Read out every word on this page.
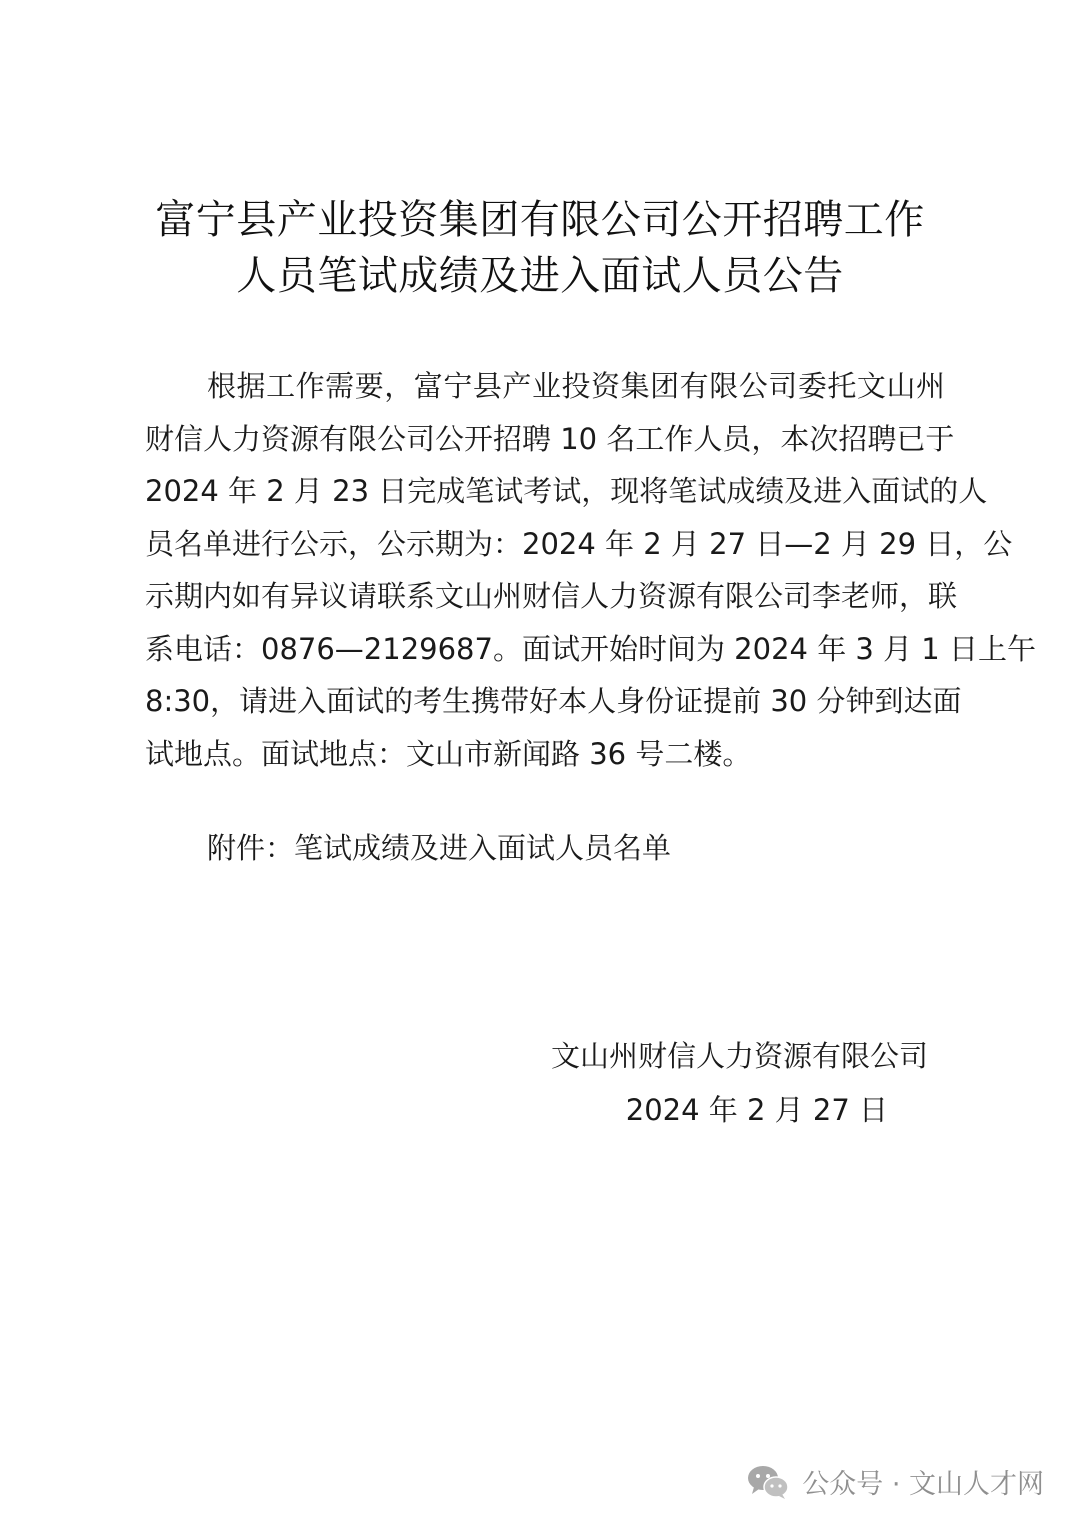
富宁县产业投资集团有限公司公开招聘工作
人员笔试成绩及进入面试人员公告
根据工作需要，富宁县产业投资集团有限公司委托文山州
财信人力资源有限公司公开招聘 10 名工作人员，本次招聘已于
2024 年 2 月 23 日完成笔试考试，现将笔试成绩及进入面试的人
员名单进行公示，公示期为：2024 年 2 月 27 日—2 月 29 日，公
示期内如有异议请联系文山州财信人力资源有限公司李老师，联
系电话：0876—2129687。面试开始时间为 2024 年 3 月 1 日上午
8:30，请进入面试的考生携带好本人身份证提前 30 分钟到达面
试地点。面试地点：文山市新闻路 36 号二楼。
附件：笔试成绩及进入面试人员名单
文山州财信人力资源有限公司
2024 年 2 月 27 日
公众号 · 文山人才网
